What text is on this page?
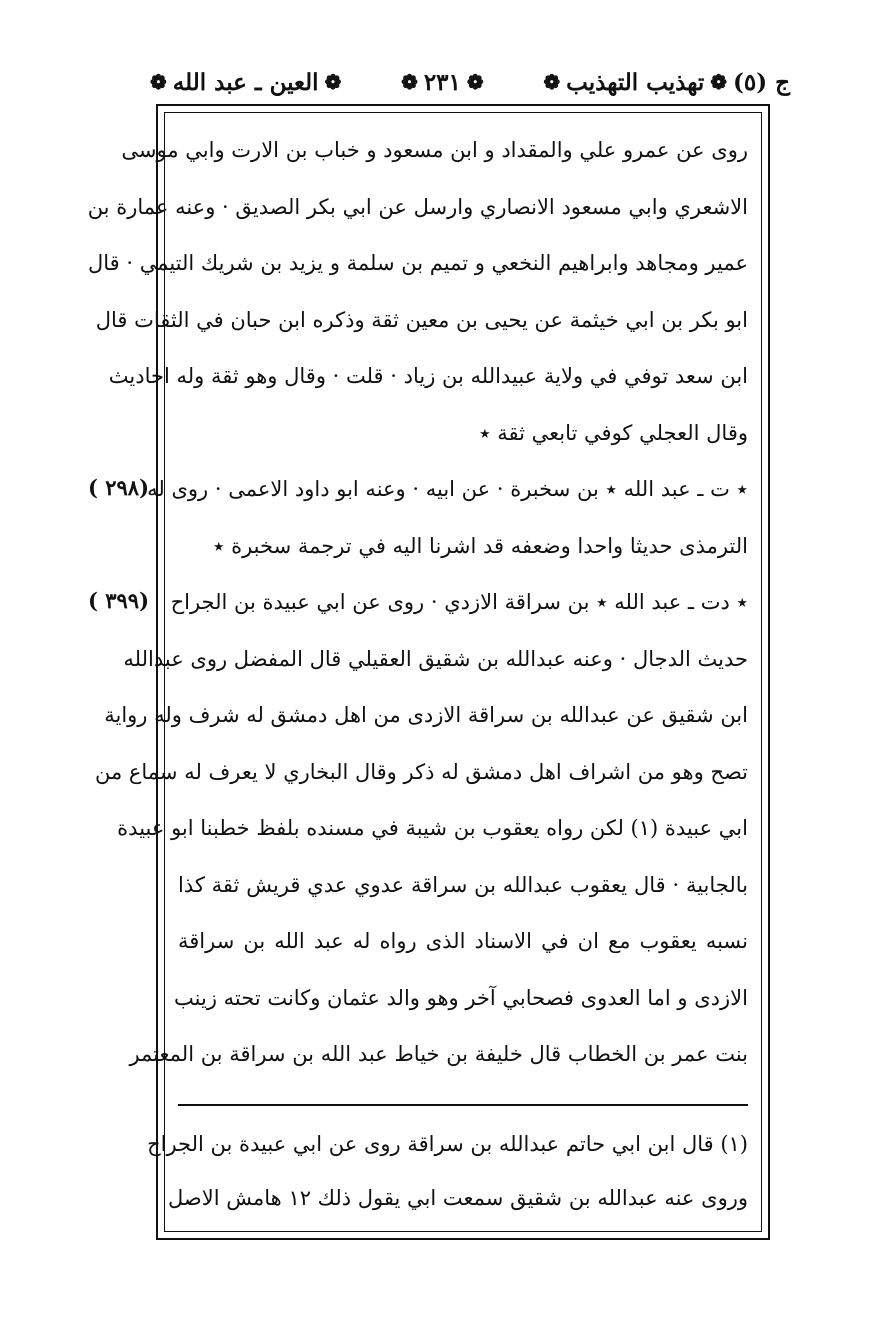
ج (٥)
❁
تهذيب التهذيب
❁
❁
٢٣١
❁
❁
العين ـ عبد الله
❁
روى عن عمرو علي والمقداد و ابن مسعود و خباب بن الارت وابي موسى
الاشعري وابي مسعود الانصاري وارسل عن ابي بكر الصديق · وعنه عمارة بن
عمير ومجاهد وابراهيم النخعي و تميم بن سلمة و يزيد بن شريك التيمي · قال
ابو بكر بن ابي خيثمة عن يحيى بن معين ثقة وذكره ابن حبان في الثقات قال
ابن سعد توفي في ولاية عبيدالله بن زياد · قلت · وقال وهو ثقة وله احاديث
وقال العجلي كوفي تابعي ثقة ٭
٭ ت ـ عبد الله ٭ بن سخبرة · عن ابيه · وعنه ابو داود الاعمى · روى له
الترمذى حديثا واحدا وضعفه قد اشرنا اليه في ترجمة سخبرة ٭
٭ دت ـ عبد الله ٭ بن سراقة الازدي · روى عن ابي عبيدة بن الجراح
حديث الدجال · وعنه عبدالله بن شقيق العقيلي قال المفضل روى عبدالله
ابن شقيق عن عبدالله بن سراقة الازدى من اهل دمشق له شرف وله رواية
تصح وهو من اشراف اهل دمشق له ذكر وقال البخاري لا يعرف له سماع من
ابي عبيدة (١) لكن رواه يعقوب بن شيبة في مسنده بلفظ خطبنا ابو عبيدة
بالجابية · قال يعقوب عبدالله بن سراقة عدوي عدي قريش ثقة كذا
نسبه يعقوب مع ان في الاسناد الذى رواه له عبد الله بن سراقة
الازدى و اما العدوى فصحابي آخر وهو والد عثمان وكانت تحته زينب
بنت عمر بن الخطاب قال خليفة بن خياط عبد الله بن سراقة بن المعتمر
(١) قال ابن ابي حاتم عبدالله بن سراقة روى عن ابي عبيدة بن الجراح
وروى عنه عبدالله بن شقيق سمعت ابي يقول ذلك ١٢ هامش الاصل
( ٢٩٨)
( ٣٩٩)
